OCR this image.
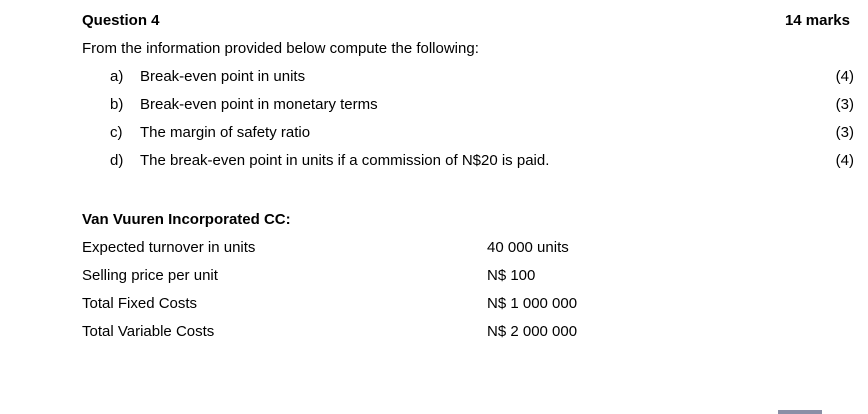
Question 4	14 marks
From the information provided below compute the following:
a) Break-even point in units	(4)
b) Break-even point in monetary terms	(3)
c) The margin of safety ratio	(3)
d) The break-even point in units if a commission of N$20 is paid.	(4)
Van Vuuren Incorporated CC:
Expected turnover in units	40 000 units
Selling price per unit	N$ 100
Total Fixed Costs	N$ 1 000 000
Total Variable Costs	N$ 2 000 000
